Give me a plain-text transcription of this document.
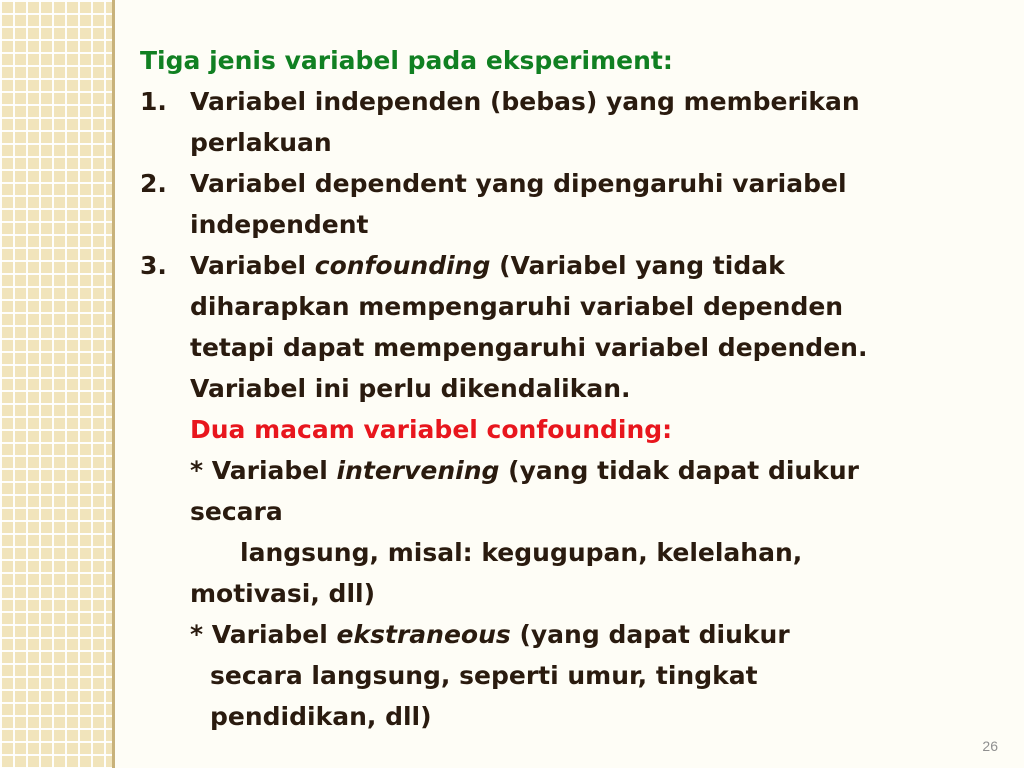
Tiga jenis variabel pada eksperiment:

1. Variabel independen (bebas) yang memberikan

perlakuan

2. Variabel dependent yang dipengaruhi variabel

independent

3. Variabel confounding (Variabel yang tidak

diharapkan mempengaruhi variabel dependen

tetapi dapat mempengaruhi variabel dependen.

Variabel ini perlu dikendalikan.

Dua macam variabel confounding:

* Variabel intervening (yang tidak dapat diukur

secara

langsung, misal: kegugupan, kelelahan,

motivasi, dll)

* Variabel ekstraneous (yang dapat diukur

secara langsung, seperti umur, tingkat

pendidikan, dll)

26
